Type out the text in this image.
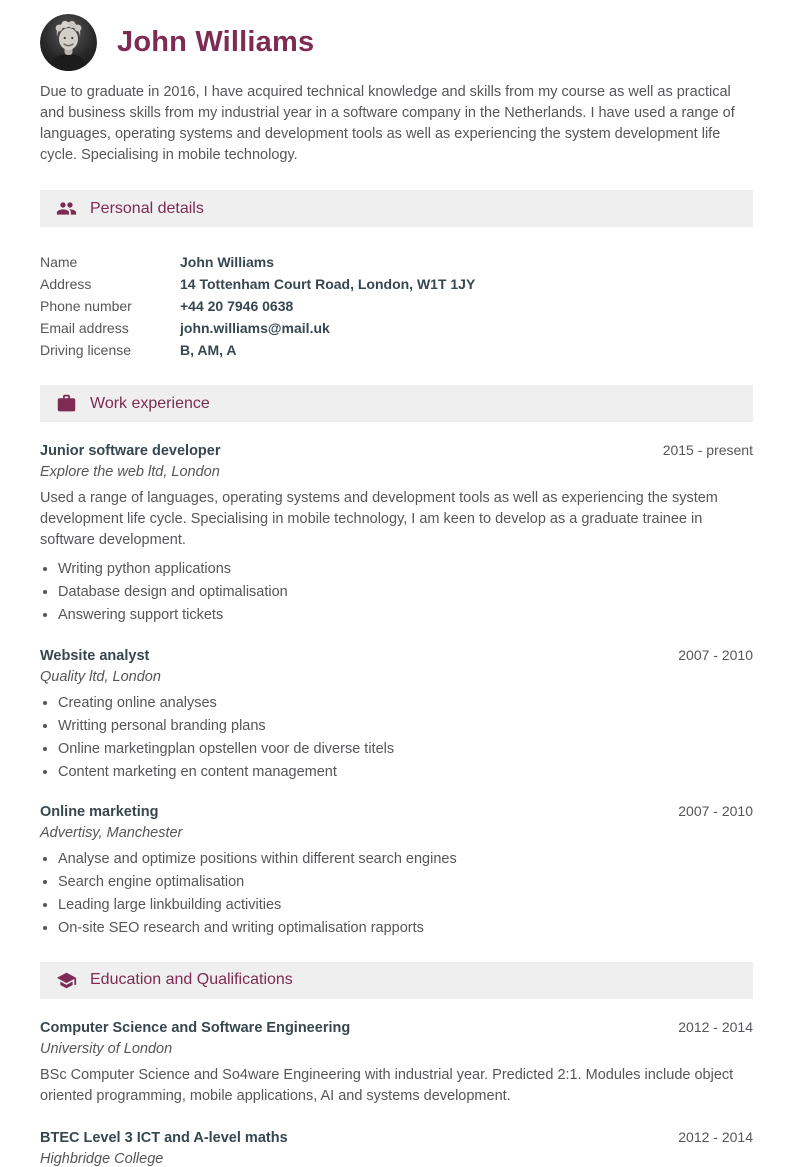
John Williams

Due to graduate in 2016, I have acquired technical knowledge and skills from my course as well as practical and business skills from my industrial year in a software company in the Netherlands. I have used a range of languages, operating systems and development tools as well as experiencing the system development life cycle. Specialising in mobile technology.

Personal details
Name	John Williams
Address	14 Tottenham Court Road, London, W1T 1JY
Phone number	+44 20 7946 0638
Email address	john.williams@mail.uk
Driving license	B, AM, A
Work experience
Junior software developer	2015 - present
Explore the web ltd, London

Used a range of languages, operating systems and development tools as well as experiencing the system development life cycle. Specialising in mobile technology, I am keen to develop as a graduate trainee in software development.

• Writing python applications
• Database design and optimalisation
• Answering support tickets
Website analyst	2007 - 2010
Quality ltd, London
• Creating online analyses
• Writting personal branding plans
• Online marketingplan opstellen voor de diverse titels
• Content marketing en content management
Online marketing	2007 - 2010
Advertisy, Manchester
• Analyse and optimize positions within different search engines
• Search engine optimalisation
• Leading large linkbuilding activities
• On-site SEO research and writing optimalisation rapports
Education and Qualifications
Computer Science and Software Engineering	2012 - 2014
University of London

BSc Computer Science and So4ware Engineering with industrial year. Predicted 2:1. Modules include object oriented programming, mobile applications, AI and systems development.

BTEC Level 3 ICT and A-level maths	2012 - 2014
Highbridge College
